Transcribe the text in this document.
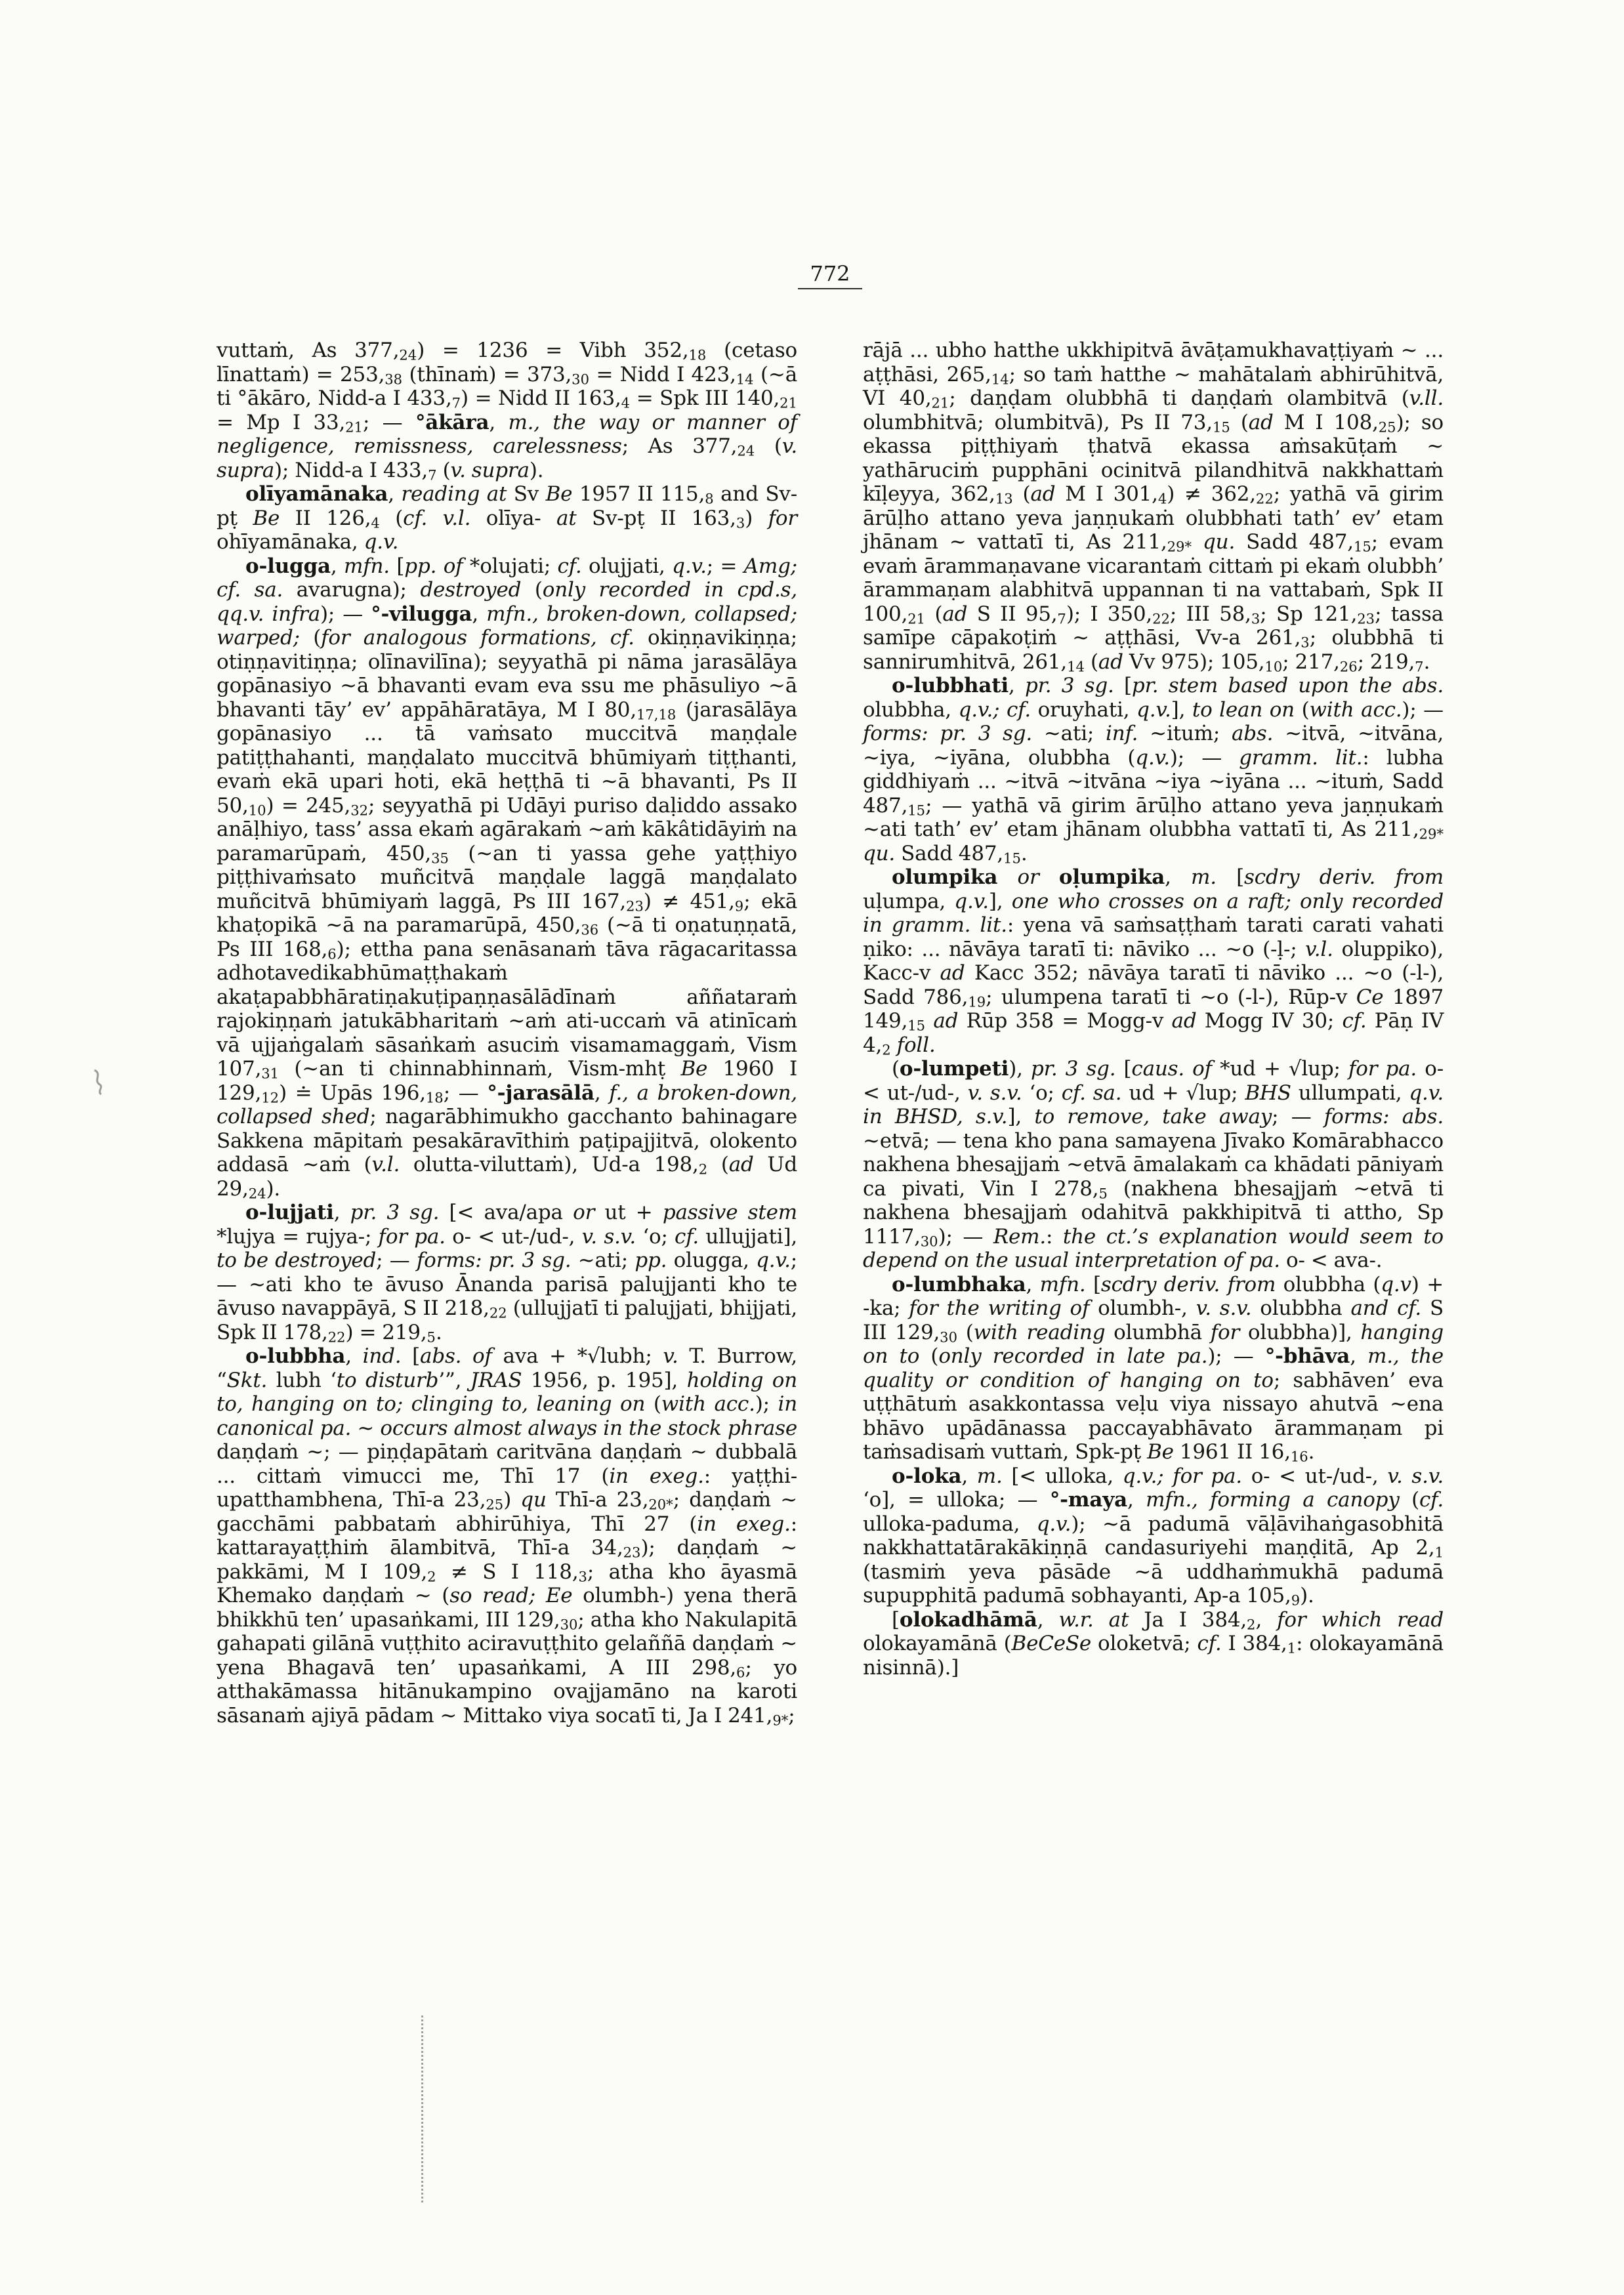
772

vuttaṁ, As $377,_{24}) = 1236$ = Vibh $352,_{18}$ (cetaso līnattaṁ) = $253,_{38}$ (thīnaṁ) = $373,_{30}$ = Nidd I $423,_{14}$ (~ā ti °ākāro, Nidd-a I $433,_7$) = Nidd II $163,_4$ = Spk III $140,_{21} = Mp$ I $33,_{21}$; — °ākāra, m., the way or manner of negligence, remissness, carelessness; As $377,_{24}$ (v. supra); Nidd-a I $433,_7$ (v. supra).

olīyamānaka, reading at Sv Be 1957 II $115,_8$ and Sv-pṭ Be II $126,_4$ (cf. v.l. olīya- at Sv-pṭ II $163,_3$) for ohīyamānaka, q.v.

o-lugga, mfn. [pp. of *olujati; cf. olujjati, q.v.; = Amg; cf. sa. avarugna); destroyed (only recorded in cpd.s, qq.v. infra); — °-vilugga, mfn., broken-down, collapsed; warped; (for analogous formations, cf. okiṇṇavikiṇṇa; otiṇṇavitiṇṇa; olīnavilīna); seyyathā pi nāma jarasālāya gopānasiyo ~ā bhavanti evam eva ssu me phāsuliyo ~ā bhavanti tāy’ ev’ appāhāratāya, M I $80,_{17,18}$ (jarasālāya gopānasiyo ... tā vaṁsato muccitvā maṇḍale patiṭṭhahanti, maṇḍalato muccitvā bhūmiyaṁ tiṭṭhanti, evaṁ ekā upari hoti, ekā heṭṭhā ti ~ā bhavanti, Ps II $50,_{10}) = 245,_{32}$; seyyathā pi Udāyi puriso daḷiddo assako anāḷhiyo, tass’ assa ekaṁ agārakaṁ ~aṁ kākâtidāyiṁ na paramarūpaṁ, $450,_{35}$ (~an ti yassa gehe yaṭṭhiyo piṭṭhivaṁsato muñcitvā maṇḍale laggā maṇḍalato muñcitvā bhūmiyaṁ laggā, Ps III $167,_{23}) \ne 451,_9$; ekā khaṭopikā ~ā na paramarūpā, $450,_{36}$ (~ā ti oṇatuṇṇatā, Ps III $168,_6$); ettha pana senāsanaṁ tāva rāgacaritassa adhotavedikabhūmaṭṭhakaṁ akaṭapabbhāratiṇakuṭipaṇṇasālādīnaṁ aññataraṁ rajokiṇṇaṁ jatukābharitaṁ ~aṁ ati-uccaṁ vā atinīcaṁ vā ujjaṅgalaṁ sāsaṅkaṁ asuciṁ visamamaggaṁ, Vism $107,_{31}$ (~an ti chinnabhinnaṁ, Vism-mhṭ Be 1960 I $129,_{12}$) ≐ Upās $196,_{18}$; — °-jarasālā, f., a broken-down, collapsed shed; nagarābhimukho gacchanto bahinagare Sakkena māpitaṁ pesakāravīthiṁ paṭipajjitvā, olokento addasā ~aṁ (v.l. olutta-viluttaṁ), Ud-a $198,_2$ (ad Ud $29,_{24}$).

o-lujjati, pr. 3 sg. [< ava/apa or ut + passive stem *lujya = rujya-; for pa. o- < ut-/ud-, v. s.v. ‘o; cf. ullujjati], to be destroyed; — forms: pr. 3 sg. ~ati; pp. olugga, q.v.; — ~ati kho te āvuso Ānanda parisā palujjanti kho te āvuso navappāyā, S II $218,_{22}$ (ullujjatī ti palujjati, bhijjati, Spk II $178,_{22}) = 219,_5$.

o-lubbha, ind. [abs. of ava + *√lubh; v. T. Burrow, “Skt. lubh ‘to disturb’”, JRAS 1956, p. 195], holding on to, hanging on to; clinging to, leaning on (with acc.); in canonical pa. ~ occurs almost always in the stock phrase daṇḍaṁ ~; — piṇḍapātaṁ caritvāna daṇḍaṁ ~ dubbalā ... cittaṁ vimucci me, Thī 17 (in exeg.: yaṭṭhi-upatthambhena, Thī-a $23,_{25}$) qu Thī-a $23,_{20*}$; daṇḍaṁ ~ gacchāmi pabbataṁ abhirūhiya, Thī 27 (in exeg.: kattarayaṭṭhiṁ ālambitvā, Thī-a $34,_{23}$); daṇḍaṁ ~ pakkāmi, M I $109,_2 \ne S$ I $118,_3$; atha kho āyasmā Khemako daṇḍaṁ ~ (so read; Ee olumbh-) yena therā bhikkhū ten’ upasaṅkami, III $129,_{30}$; atha kho Nakulapitā gahapati gilānā vuṭṭhito aciravuṭṭhito gelaññā daṇḍaṁ ~ yena Bhagavā ten’ upasaṅkami, A III $298,_6$; yo atthakāmassa hitānukampino ovajjamāno na karoti sāsanaṁ ajiyā pādam ~ Mittako viya socatī ti, Ja I $241,_{9*}$;

rājā ... ubho hatthe ukkhipitvā āvāṭamukhavaṭṭiyaṁ ~ ... aṭṭhāsi, $265,_{14}$; so taṁ hatthe ~ mahātalaṁ abhirūhitvā, VI $40,_{21}$; daṇḍam olubbhā ti daṇḍaṁ olambitvā (v.ll. olumbhitvā; olumbitvā), Ps II $73,_{15}$ (ad M I $108,_{25}$); so ekassa piṭṭhiyaṁ ṭhatvā ekassa aṁsakūṭaṁ ~ yathāruciṁ pupphāni ocinitvā pilandhitvā nakkhattaṁ kīḷeyya, $362,_{13}$ (ad M I $301,_4) \ne 362,_{22}$; yathā vā girim ārūḷho attano yeva jaṇṇukaṁ olubbhati tath’ ev’ etam jhānam ~ vattatī ti, As $211,_{29*}$ qu. Sadd $487,_{15}$; evam evaṁ ārammaṇavane vicarantaṁ cittaṁ pi ekaṁ olubbh’ ārammaṇam alabhitvā uppannan ti na vattabaṁ, Spk II $100,_{21}$ (ad S II $95,_7$); I $350,_{22}$; III $58,_3$; Sp $121,_{23}$; tassa samīpe cāpakoṭiṁ ~ aṭṭhāsi, Vv-a $261,_3$; olubbhā ti sannirumhitvā, $261,_{14}$ (ad Vv 975); $105,_{10}$; $217,_{26}$; $219,_7$.

o-lubbhati, pr. 3 sg. [pr. stem based upon the abs. olubbha, q.v.; cf. oruyhati, q.v.], to lean on (with acc.); — forms: pr. 3 sg. ~ati; inf. ~ituṁ; abs. ~itvā, ~itvāna, ~iya, ~iyāna, olubbha (q.v.); — gramm. lit.: lubha giddhiyaṁ ... ~itvā ~itvāna ~iya ~iyāna ... ~ituṁ, Sadd $487,_{15}$; — yathā vā girim ārūḷho attano yeva jaṇṇukaṁ ~ati tath’ ev’ etam jhānam olubbha vattatī ti, As $211,_{29*}$ qu. Sadd $487,_{15}$.

olumpika or oḷumpika, m. [scdry deriv. from uḷumpa, q.v.], one who crosses on a raft; only recorded in gramm. lit.: yena vā saṁsaṭṭhaṁ tarati carati vahati ṇiko: ... nāvāya taratī ti: nāviko ... ~o (-ḷ-; v.l. oluppiko), Kacc-v ad Kacc 352; nāvāya taratī ti nāviko ... ~o (-l-), Sadd $786,_{19}$; ulumpena taratī ti ~o (-l-), Rūp-v Ce 1897 $149,_{15}$ ad Rūp 358 = Mogg-v ad Mogg IV 30; cf. Pāṇ IV $4,_2$ foll.

(o-lumpeti), pr. 3 sg. [caus. of *ud + √lup; for pa. o- < ut-/ud-, v. s.v. ‘o; cf. sa. ud + √lup; BHS ullumpati, q.v. in BHSD, s.v.], to remove, take away; — forms: abs. ~etvā; — tena kho pana samayena Jīvako Komārabhacco nakhena bhesajjaṁ ~etvā āmalakaṁ ca khādati pāniyaṁ ca pivati, Vin I $278,_5$ (nakhena bhesajjaṁ ~etvā ti nakhena bhesajjaṁ odahitvā pakkhipitvā ti attho, Sp $1117,_{30}$); — Rem.: the ct.’s explanation would seem to depend on the usual interpretation of pa. o- < ava-.

o-lumbhaka, mfn. [scdry deriv. from olubbha (q.v) + -ka; for the writing of olumbh-, v. s.v. olubbha and cf. S III $129,_{30}$ (with reading olumbhā for olubbha)], hanging on to (only recorded in late pa.); — °-bhāva, m., the quality or condition of hanging on to; sabhāven’ eva uṭṭhātuṁ asakkontassa veḷu viya nissayo ahutvā ~ena bhāvo upādānassa paccayabhāvato ārammaṇam pi taṁsadisaṁ vuttaṁ, Spk-pṭ Be 1961 II $16,_{16}$.

o-loka, m. [< ulloka, q.v.; for pa. o- < ut-/ud-, v. s.v. ‘o], = ulloka; — °-maya, mfn., forming a canopy (cf. ulloka-paduma, q.v.); ~ā padumā vāḷāvihaṅgasobhitā nakkhattatārakākiṇṇā candasuriyehi maṇḍitā, Ap $2,_1$ (tasmiṁ yeva pāsāde ~ā uddhaṁmukhā padumā supupphitā padumā sobhayanti, Ap-a $105,_9$).

[olokadhāmā, w.r. at Ja I $384,_2$, for which read olokayamānā (BeCeSe oloketvā; cf. I $384,_1$: olokayamānā nisinnā).]
